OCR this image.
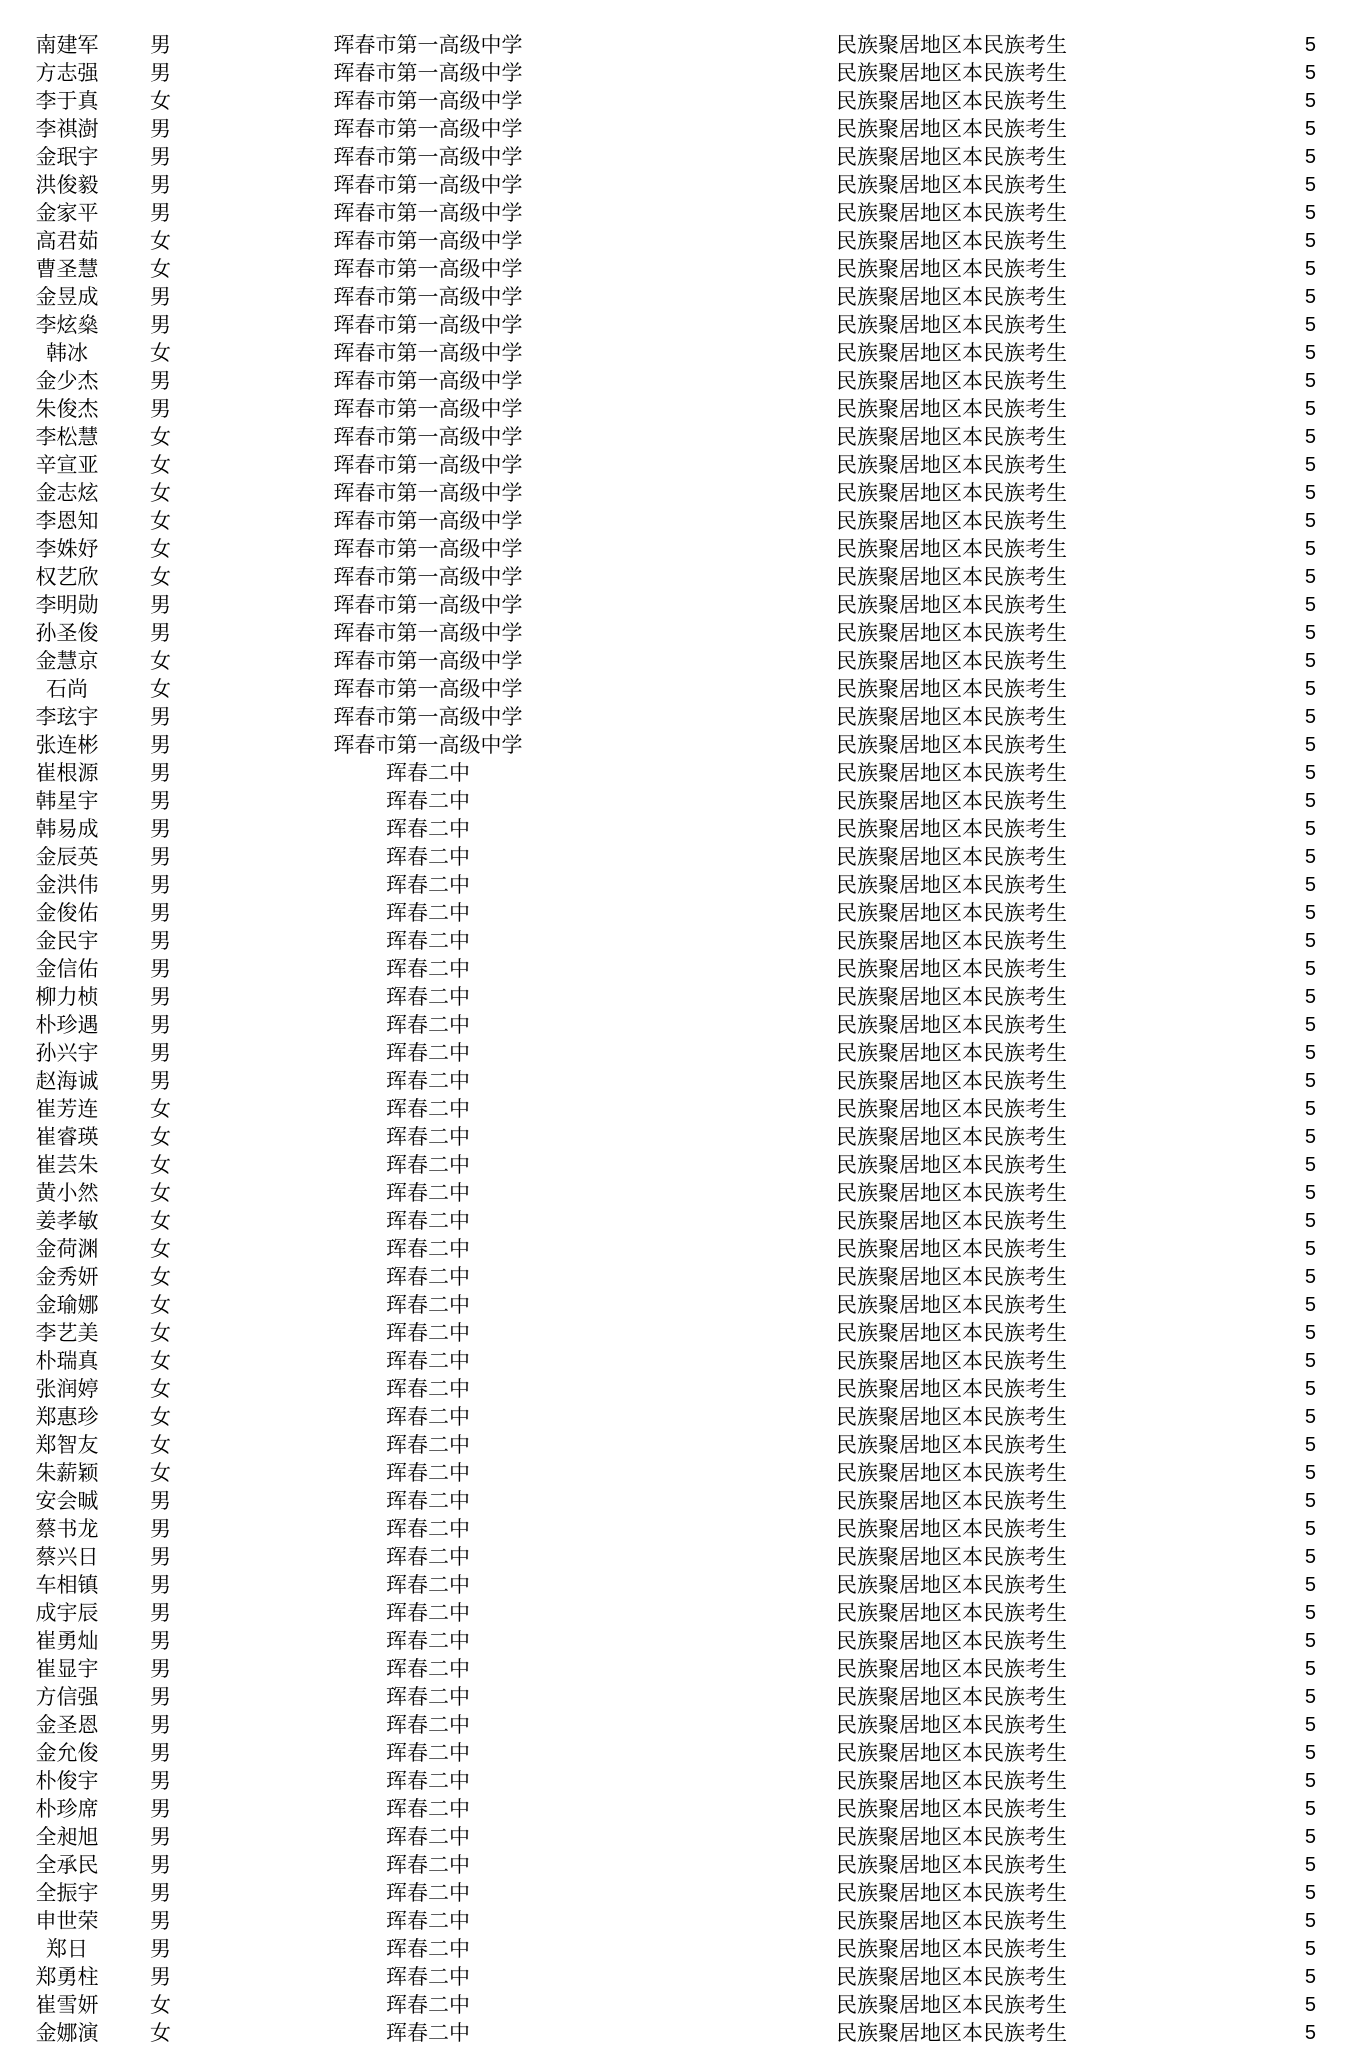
南建军 男	珲春市第一高级中学	民族聚居地区本民族考生	5
方志强 男	珲春市第一高级中学	民族聚居地区本民族考生	5
李于真 女	珲春市第一高级中学	民族聚居地区本民族考生	5
李祺澍 男	珲春市第一高级中学	民族聚居地区本民族考生	5
金珉宇 男	珲春市第一高级中学	民族聚居地区本民族考生	5
洪俊毅 男	珲春市第一高级中学	民族聚居地区本民族考生	5
金家平 男	珲春市第一高级中学	民族聚居地区本民族考生	5
高君茹 女	珲春市第一高级中学	民族聚居地区本民族考生	5
曹圣慧 女	珲春市第一高级中学	民族聚居地区本民族考生	5
金昱成 男	珲春市第一高级中学	民族聚居地区本民族考生	5
李炫燊 男	珲春市第一高级中学	民族聚居地区本民族考生	5
韩冰	女	珲春市第一高级中学	民族聚居地区本民族考生	5
金少杰 男	珲春市第一高级中学	民族聚居地区本民族考生	5
朱俊杰 男	珲春市第一高级中学	民族聚居地区本民族考生	5
李松慧 女	珲春市第一高级中学	民族聚居地区本民族考生	5
辛宣亚 女	珲春市第一高级中学	民族聚居地区本民族考生	5
金志炫 女	珲春市第一高级中学	民族聚居地区本民族考生	5
李恩知 女	珲春市第一高级中学	民族聚居地区本民族考生	5
李姝妤 女	珲春市第一高级中学	民族聚居地区本民族考生	5
权艺欣 女	珲春市第一高级中学	民族聚居地区本民族考生	5
李明勋 男	珲春市第一高级中学	民族聚居地区本民族考生	5
孙圣俊 男	珲春市第一高级中学	民族聚居地区本民族考生	5
金慧京 女	珲春市第一高级中学	民族聚居地区本民族考生	5
石尚	女	珲春市第一高级中学	民族聚居地区本民族考生	5
李玹宇 男	珲春市第一高级中学	民族聚居地区本民族考生	5
张连彬 男	珲春市第一高级中学	民族聚居地区本民族考生	5
崔根源 男	珲春二中	民族聚居地区本民族考生	5
韩星宇 男	珲春二中	民族聚居地区本民族考生	5
韩易成 男	珲春二中	民族聚居地区本民族考生	5
金辰英 男	珲春二中	民族聚居地区本民族考生	5
金洪伟 男	珲春二中	民族聚居地区本民族考生	5
金俊佑 男	珲春二中	民族聚居地区本民族考生	5
金民宇 男	珲春二中	民族聚居地区本民族考生	5
金信佑 男	珲春二中	民族聚居地区本民族考生	5
柳力桢 男	珲春二中	民族聚居地区本民族考生	5
朴珍遇 男	珲春二中	民族聚居地区本民族考生	5
孙兴宇 男	珲春二中	民族聚居地区本民族考生	5
赵海诚 男	珲春二中	民族聚居地区本民族考生	5
崔芳连 女	珲春二中	民族聚居地区本民族考生	5
崔睿瑛 女	珲春二中	民族聚居地区本民族考生	5
崔芸朱 女	珲春二中	民族聚居地区本民族考生	5
黄小然 女	珲春二中	民族聚居地区本民族考生	5
姜孝敏 女	珲春二中	民族聚居地区本民族考生	5
金荷渊 女	珲春二中	民族聚居地区本民族考生	5
金秀妍 女	珲春二中	民族聚居地区本民族考生	5
金瑜娜 女	珲春二中	民族聚居地区本民族考生	5
李艺美 女	珲春二中	民族聚居地区本民族考生	5
朴瑞真 女	珲春二中	民族聚居地区本民族考生	5
张润婷 女	珲春二中	民族聚居地区本民族考生	5
郑惠珍 女	珲春二中	民族聚居地区本民族考生	5
郑智友 女	珲春二中	民族聚居地区本民族考生	5
朱薪颖 女	珲春二中	民族聚居地区本民族考生	5
安会晠 男	珲春二中	民族聚居地区本民族考生	5
蔡书龙 男	珲春二中	民族聚居地区本民族考生	5
蔡兴日 男	珲春二中	民族聚居地区本民族考生	5
车相镇 男	珲春二中	民族聚居地区本民族考生	5
成宇辰 男	珲春二中	民族聚居地区本民族考生	5
崔勇灿 男	珲春二中	民族聚居地区本民族考生	5
崔显宇 男	珲春二中	民族聚居地区本民族考生	5
方信强 男	珲春二中	民族聚居地区本民族考生	5
金圣恩 男	珲春二中	民族聚居地区本民族考生	5
金允俊 男	珲春二中	民族聚居地区本民族考生	5
朴俊宇 男	珲春二中	民族聚居地区本民族考生	5
朴珍席 男	珲春二中	民族聚居地区本民族考生	5
全昶旭 男	珲春二中	民族聚居地区本民族考生	5
全承民 男	珲春二中	民族聚居地区本民族考生	5
全振宇 男	珲春二中	民族聚居地区本民族考生	5
申世荣 男	珲春二中	民族聚居地区本民族考生	5
郑日	男	珲春二中	民族聚居地区本民族考生	5
郑勇柱 男	珲春二中	民族聚居地区本民族考生	5
崔雪妍 女	珲春二中	民族聚居地区本民族考生	5
金娜演 女	珲春二中	民族聚居地区本民族考生	5
